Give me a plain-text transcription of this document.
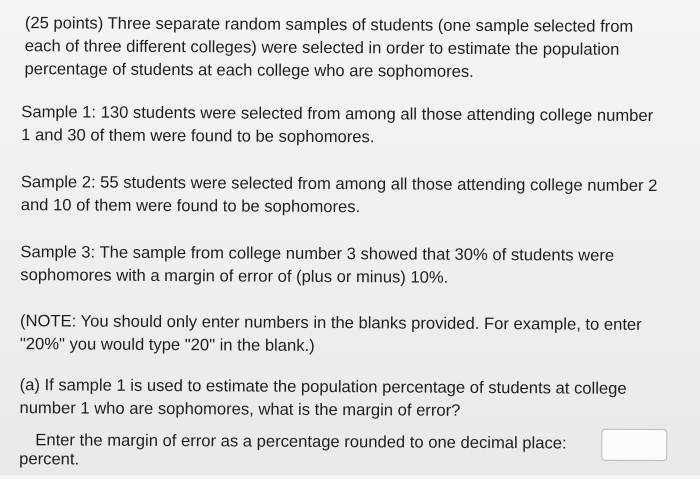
(25 points) Three separate random samples of students (one sample selected from
each of three different colleges) were selected in order to estimate the population
percentage of students at each college who are sophomores.

Sample 1: 130 students were selected from among all those attending college number
1 and 30 of them were found to be sophomores.

Sample 2: 55 students were selected from among all those attending college number 2
and 10 of them were found to be sophomores.

Sample 3: The sample from college number 3 showed that 30% of students were
sophomores with a margin of error of (plus or minus) 10%.

(NOTE: You should only enter numbers in the blanks provided. For example, to enter
"20%" you would type "20" in the blank.)

(a) If sample 1 is used to estimate the population percentage of students at college
number 1 who are sophomores, what is the margin of error?

Enter the margin of error as a percentage rounded to one decimal place:
percent.
